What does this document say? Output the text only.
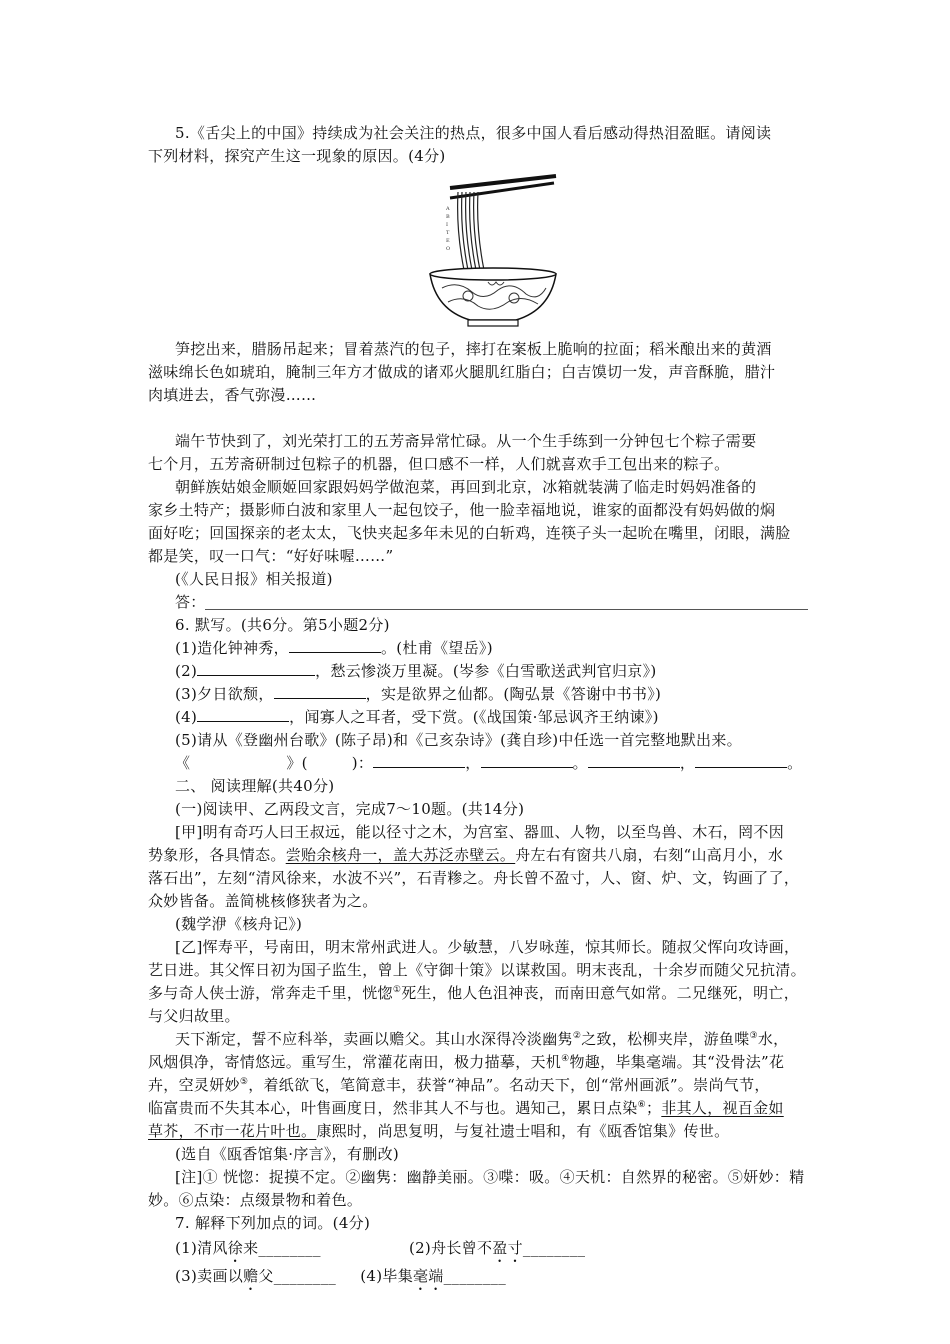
5.《舌尖上的中国》持续成为社会关注的热点，很多中国人看后感动得热泪盈眶。请阅读
下列材料，探究产生这一现象的原因。(4分)
A
B
I
T
E
O
笋挖出来，腊肠吊起来；冒着蒸汽的包子，摔打在案板上脆响的拉面；稻米酿出来的黄酒
滋味绵长色如琥珀，腌制三年方才做成的诸邓火腿肌红脂白；白吉馍切一发，声音酥脆，腊汁
肉填进去，香气弥漫……
端午节快到了，刘光荣打工的五芳斋异常忙碌。从一个生手练到一分钟包七个粽子需要
七个月，五芳斋研制过包粽子的机器，但口感不一样，人们就喜欢手工包出来的粽子。
朝鲜族姑娘金顺姬回家跟妈妈学做泡菜，再回到北京，冰箱就装满了临走时妈妈准备的
家乡土特产；摄影师白波和家里人一起包饺子，他一脸幸福地说，谁家的面都没有妈妈做的焖
面好吃；回国探亲的老太太，飞快夹起多年未见的白斩鸡，连筷子头一起吮在嘴里，闭眼，满脸
都是笑，叹一口气：“好好味喔……”
(《人民日报》相关报道)
答：
6. 默写。(共6分。第5小题2分)
(1)造化钟神秀，	。(杜甫《望岳》)
(2)	，愁云惨淡万里凝。(岑参《白雪歌送武判官归京》)
(3)夕日欲颓，	，实是欲界之仙都。(陶弘景《答谢中书书》)
(4)	，闻寡人之耳者，受下赏。(《战国策·邹忌讽齐王纳谏》)
(5)请从《登幽州台歌》(陈子昂)和《己亥杂诗》(龚自珍)中任选一首完整地默出来。
《	》(	)：	，	。	，	。
二、 阅读理解(共40分)
(一)阅读甲、乙两段文言，完成7～10题。(共14分)
[甲]明有奇巧人曰王叔远，能以径寸之木，为宫室、器皿、人物，以至鸟兽、木石，罔不因
势象形，各具情态。尝贻余核舟一，盖大苏泛赤壁云。舟左右有窗共八扇，右刻“山高月小，水
落石出”，左刻“清风徐来，水波不兴”，石青糁之。舟长曾不盈寸，人、窗、炉、文，钩画了了，
众妙皆备。盖简桃核修狭者为之。
(魏学洢《核舟记》)
[乙]恽寿平，号南田，明末常州武进人。少敏慧，八岁咏莲，惊其师长。随叔父恽向攻诗画，
艺日进。其父恽日初为国子监生，曾上《守御十策》以谋救国。明末丧乱，十余岁而随父兄抗清。
多与奇人侠士游，常奔走千里，恍惚①死生，他人色沮神丧，而南田意气如常。二兄继死，明亡，
与父归故里。
天下渐定，誓不应科举，卖画以赡父。其山水深得冷淡幽隽②之致，松柳夹岸，游鱼喋③水，
风烟俱净，寄情悠远。重写生，常灌花南田，极力描摹，天机④物趣，毕集毫端。其“没骨法”花
卉，空灵妍妙⑤，着纸欲飞，笔简意丰，获誉“神品”。名动天下，创“常州画派”。崇尚气节，
临富贵而不失其本心，叶售画度日，然非其人不与也。遇知己，累日点染⑥；非其人，视百金如
草芥，不市一花片叶也。康熙时，尚思复明，与复社遗士唱和，有《瓯香馆集》传世。
(选自《瓯香馆集·序言》，有删改)
[注]① 恍惚：捉摸不定。②幽隽：幽静美丽。③喋：吸。④天机：自然界的秘密。⑤妍妙：精
妙。⑥点染：点缀景物和着色。
7. 解释下列加点的词。(4分)
(1)清风徐来________	(2)舟长曾不盈寸________
(3)卖画以赡父________ (4)毕集毫端________
